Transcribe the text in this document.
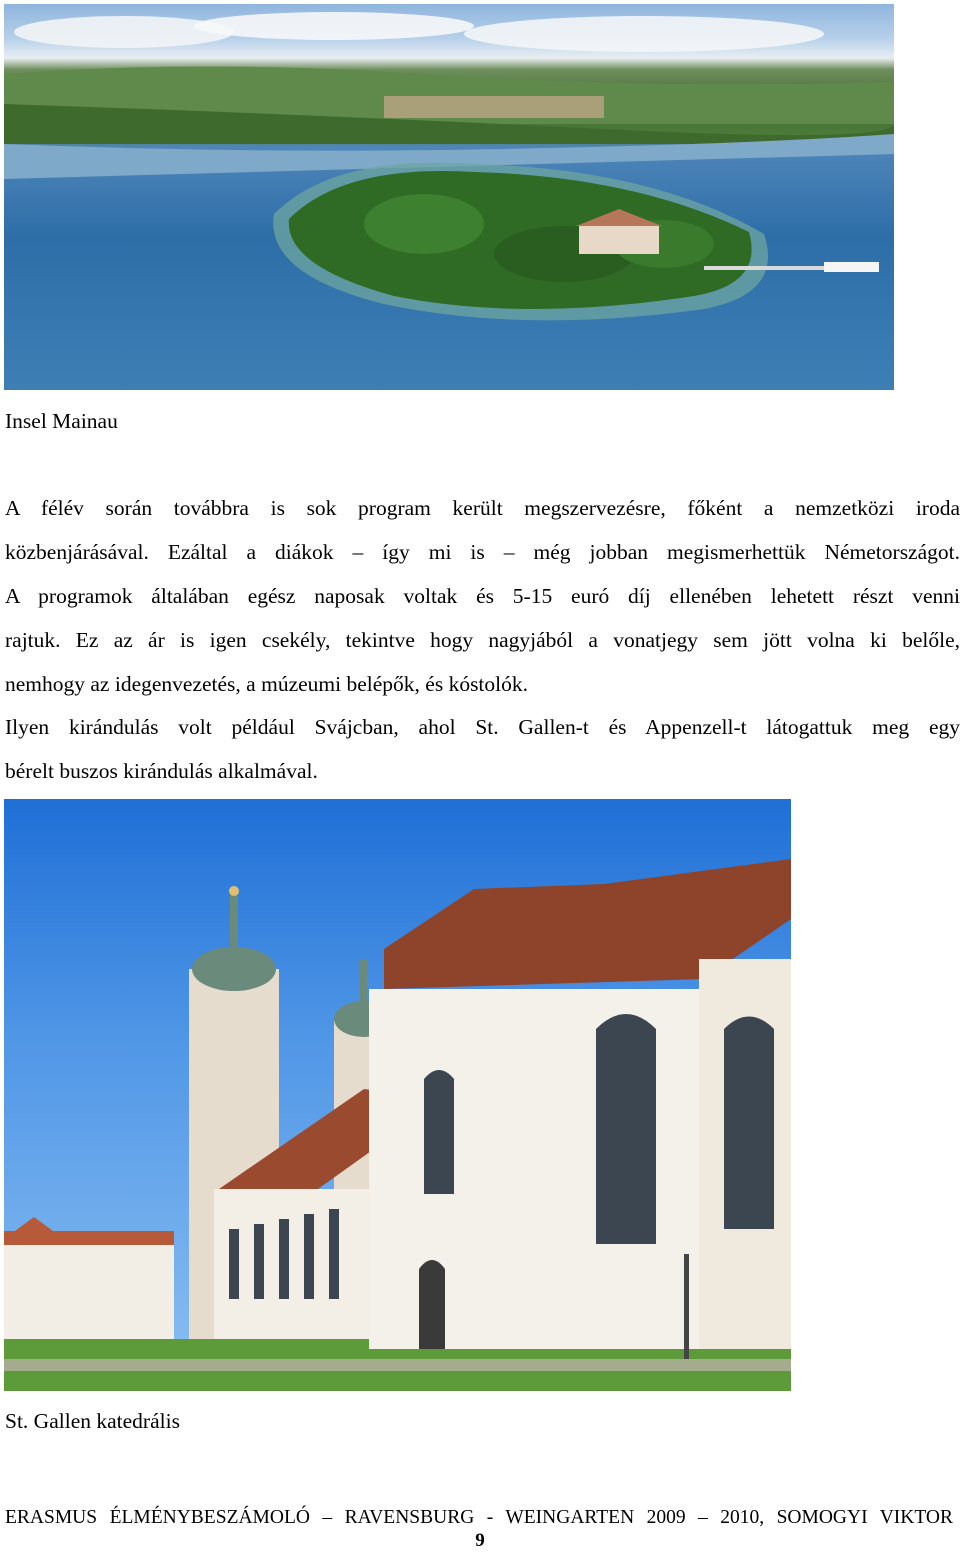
Insel Mainau
A félév során továbbra is sok program került megszervezésre, főként a nemzetközi iroda
közbenjárásával. Ezáltal a diákok – így mi is – még jobban megismerhettük Németországot.
A programok általában egész naposak voltak és 5-15 euró díj ellenében lehetett részt venni
rajtuk. Ez az ár is igen csekély, tekintve hogy nagyjából a vonatjegy sem jött volna ki belőle,
nemhogy az idegenvezetés, a múzeumi belépők, és kóstolók.
Ilyen kirándulás volt például Svájcban, ahol St. Gallen-t és Appenzell-t látogattuk meg egy
bérelt buszos kirándulás alkalmával.
St. Gallen katedrális
ERASMUS ÉLMÉNYBESZÁMOLÓ – RAVENSBURG - WEINGARTEN 2009 – 2010, SOMOGYI VIKTOR
9
